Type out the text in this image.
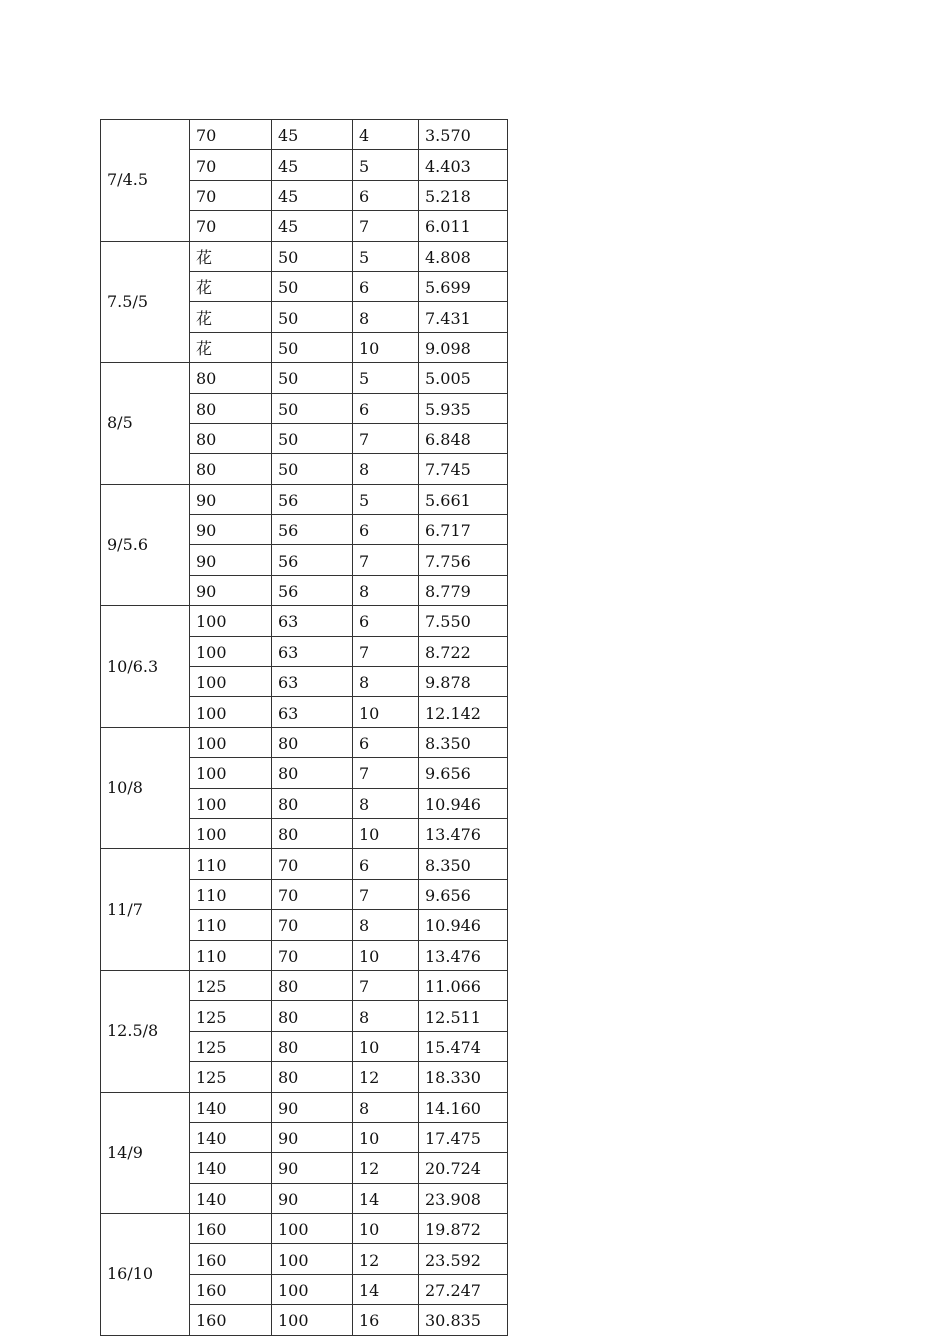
7/4.5	70	45	4	3.570
	70	45	5	4.403
	70	45	6	5.218
	70	45	7	6.011
7.5/5	花	50	5	4.808
	花	50	6	5.699
	花	50	8	7.431
	花	50	10	9.098
8/5	80	50	5	5.005
	80	50	6	5.935
	80	50	7	6.848
	80	50	8	7.745
9/5.6	90	56	5	5.661
	90	56	6	6.717
	90	56	7	7.756
	90	56	8	8.779
10/6.3	100	63	6	7.550
	100	63	7	8.722
	100	63	8	9.878
	100	63	10	12.142
10/8	100	80	6	8.350
	100	80	7	9.656
	100	80	8	10.946
	100	80	10	13.476
11/7	110	70	6	8.350
	110	70	7	9.656
	110	70	8	10.946
	110	70	10	13.476
12.5/8	125	80	7	11.066
	125	80	8	12.511
	125	80	10	15.474
	125	80	12	18.330
14/9	140	90	8	14.160
	140	90	10	17.475
	140	90	12	20.724
	140	90	14	23.908
16/10	160	100	10	19.872
	160	100	12	23.592
	160	100	14	27.247
	160	100	16	30.835
